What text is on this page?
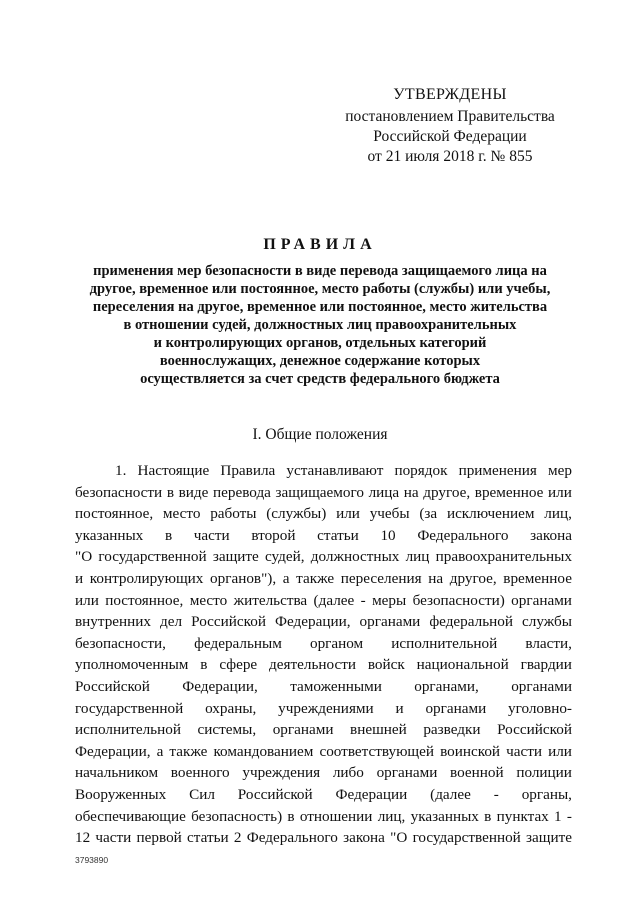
УТВЕРЖДЕНЫ
постановлением Правительства
Российской Федерации
от 21 июля 2018 г. № 855
ПРАВИЛА
применения мер безопасности в виде перевода защищаемого лица на
другое, временное или постоянное, место работы (службы) или учебы,
переселения на другое, временное или постоянное, место жительства
в отношении судей, должностных лиц правоохранительных
и контролирующих органов, отдельных категорий
военнослужащих, денежное содержание которых
осуществляется за счет средств федерального бюджета
I. Общие положения
1. Настоящие Правила устанавливают порядок применения мер
безопасности в виде перевода защищаемого лица на другое, временное или
постоянное, место работы (службы) или учебы (за исключением лиц,
указанных в части второй статьи 10 Федерального закона
"О государственной защите судей, должностных лиц правоохранительных
и контролирующих органов"), а также переселения на другое, временное
или постоянное, место жительства (далее - меры безопасности) органами
внутренних дел Российской Федерации, органами федеральной службы
безопасности, федеральным органом исполнительной власти,
уполномоченным в сфере деятельности войск национальной гвардии
Российской Федерации, таможенными органами, органами
государственной охраны, учреждениями и органами уголовно-
исполнительной системы, органами внешней разведки Российской
Федерации, а также командованием соответствующей воинской части или
начальником военного учреждения либо органами военной полиции
Вооруженных Сил Российской Федерации (далее - органы,
обеспечивающие безопасность) в отношении лиц, указанных в пунктах 1 -
12 части первой статьи 2 Федерального закона "О государственной защите
3793890
